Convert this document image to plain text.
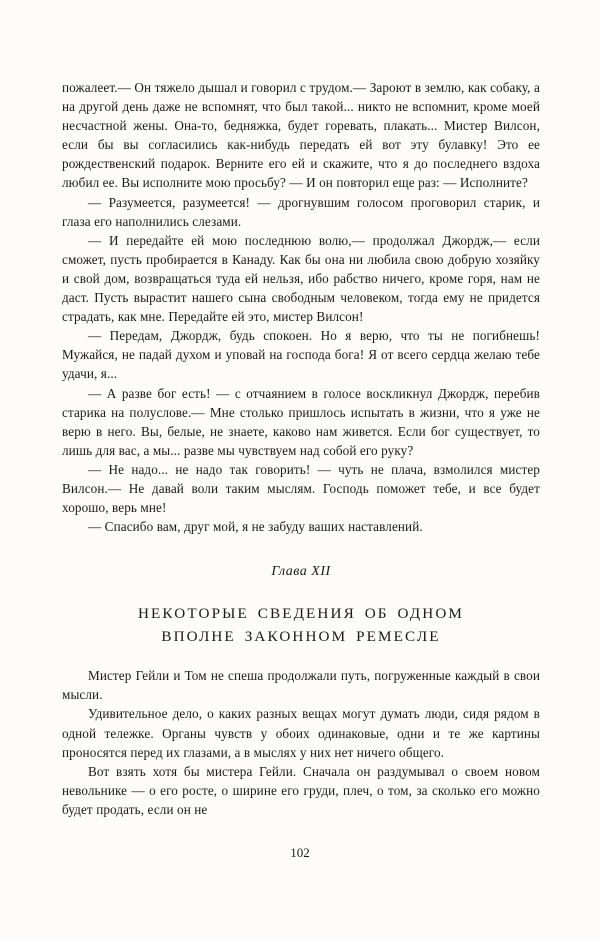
пожалеет.— Он тяжело дышал и говорил с трудом.— Зароют в землю, как собаку, а на другой день даже не вспомнят, что был такой... никто не вспомнит, кроме моей несчастной жены. Она-то, бедняжка, будет горевать, плакать... Мистер Вилсон, если бы вы согласились как-нибудь передать ей вот эту булавку! Это ее рождественский подарок. Верните его ей и скажите, что я до последнего вздоха любил ее. Вы исполните мою просьбу? — И он повторил еще раз: — Исполните?

— Разумеется, разумеется! — дрогнувшим голосом проговорил старик, и глаза его наполнились слезами.

— И передайте ей мою последнюю волю,— продолжал Джордж,— если сможет, пусть пробирается в Канаду. Как бы она ни любила свою добрую хозяйку и свой дом, возвращаться туда ей нельзя, ибо рабство ничего, кроме горя, нам не даст. Пусть вырастит нашего сына свободным человеком, тогда ему не придется страдать, как мне. Передайте ей это, мистер Вилсон!

— Передам, Джордж, будь спокоен. Но я верю, что ты не погибнешь! Мужайся, не падай духом и уповай на господа бога! Я от всего сердца желаю тебе удачи, я...

— А разве бог есть! — с отчаянием в голосе воскликнул Джордж, перебив старика на полуслове.— Мне столько пришлось испытать в жизни, что я уже не верю в него. Вы, белые, не знаете, каково нам живется. Если бог существует, то лишь для вас, а мы... разве мы чувствуем над собой его руку?

— Не надо... не надо так говорить! — чуть не плача, взмолился мистер Вилсон.— Не давай воли таким мыслям. Господь поможет тебе, и все будет хорошо, верь мне!

— Спасибо вам, друг мой, я не забуду ваших наставлений.

Глава XII

НЕКОТОРЫЕ СВЕДЕНИЯ ОБ ОДНОМ
ВПОЛНЕ ЗАКОННОМ РЕМЕСЛЕ

Мистер Гейли и Том не спеша продолжали путь, погруженные каждый в свои мысли.

Удивительное дело, о каких разных вещах могут думать люди, сидя рядом в одной тележке. Органы чувств у обоих одинаковые, одни и те же картины проносятся перед их глазами, а в мыслях у них нет ничего общего.

Вот взять хотя бы мистера Гейли. Сначала он раздумывал о своем новом невольнике — о его росте, о ширине его груди, плеч, о том, за сколько его можно будет продать, если он не

102
